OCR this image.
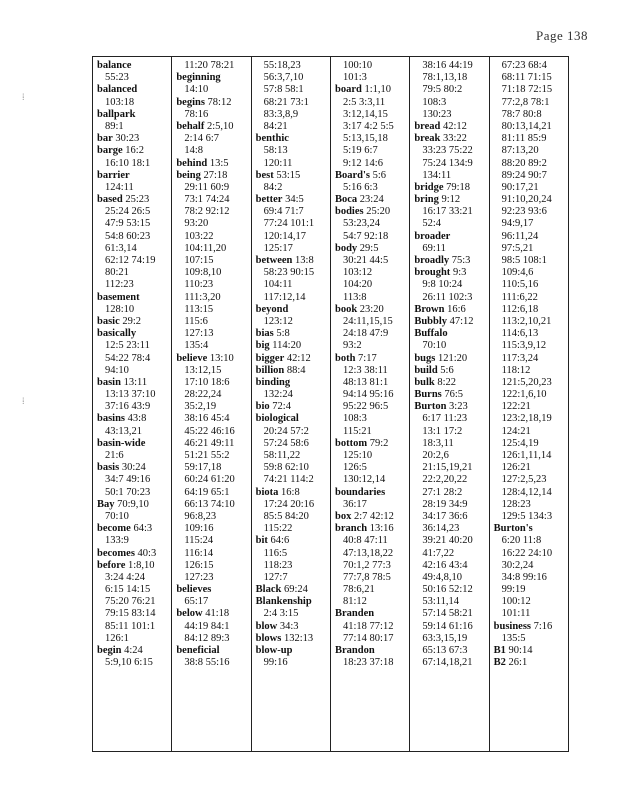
Page 138
⁞
⁞
balance
55:23
balanced
103:18
ballpark
89:1
bar 30:23
barge 16:2
16:10 18:1
barrier
124:11
based 25:23
25:24 26:5
47:9 53:15
54:8 60:23
61:3,14
62:12 74:19
80:21
112:23
basement
128:10
basic 29:2
basically
12:5 23:11
54:22 78:4
94:10
basin 13:11
13:13 37:10
37:16 43:9
basins 43:8
43:13,21
basin-wide
21:6
basis 30:24
34:7 49:16
50:1 70:23
Bay 70:9,10
70:10
become 64:3
133:9
becomes 40:3
before 1:8,10
3:24 4:24
6:15 14:15
75:20 76:21
79:15 83:14
85:11 101:1
126:1
begin 4:24
5:9,10 6:15
11:20 78:21
beginning
14:10
begins 78:12
78:16
behalf 2:5,10
2:14 6:7
14:8
behind 13:5
being 27:18
29:11 60:9
73:1 74:24
78:2 92:12
93:20
103:22
104:11,20
107:15
109:8,10
110:23
111:3,20
113:15
115:6
127:13
135:4
believe 13:10
13:12,15
17:10 18:6
28:22,24
35:2,19
38:16 45:4
45:22 46:16
46:21 49:11
51:21 55:2
59:17,18
60:24 61:20
64:19 65:1
66:13 74:10
96:8,23
109:16
115:24
116:14
126:15
127:23
believes
65:17
below 41:18
44:19 84:1
84:12 89:3
beneficial
38:8 55:16
55:18,23
56:3,7,10
57:8 58:1
68:21 73:1
83:3,8,9
84:21
benthic
58:13
120:11
best 53:15
84:2
better 34:5
69:4 71:7
77:24 101:1
120:14,17
125:17
between 13:8
58:23 90:15
104:11
117:12,14
beyond
123:12
bias 5:8
big 114:20
bigger 42:12
billion 88:4
binding
132:24
bio 72:4
biological
20:24 57:2
57:24 58:6
58:11,22
59:8 62:10
74:21 114:2
biota 16:8
17:24 20:16
85:5 84:20
115:22
bit 64:6
116:5
118:23
127:7
Black 69:24
Blankenship
2:4 3:15
blow 34:3
blows 132:13
blow-up
99:16
100:10
101:3
board 1:1,10
2:5 3:3,11
3:12,14,15
3:17 4:2 5:5
5:13,15,18
5:19 6:7
9:12 14:6
Board's 5:6
5:16 6:3
Boca 23:24
bodies 25:20
53:23,24
54:7 92:18
body 29:5
30:21 44:5
103:12
104:20
113:8
book 23:20
24:11,15,15
24:18 47:9
93:2
both 7:17
12:3 38:11
48:13 81:1
94:14 95:16
95:22 96:5
108:3
115:21
bottom 79:2
125:10
126:5
130:12,14
boundaries
36:17
box 2:7 42:12
branch 13:16
40:8 47:11
47:13,18,22
70:1,2 77:3
77:7,8 78:5
78:6,21
81:12
Branden
41:18 77:12
77:14 80:17
Brandon
18:23 37:18
38:16 44:19
78:1,13,18
79:5 80:2
108:3
130:23
bread 42:12
break 33:22
33:23 75:22
75:24 134:9
134:11
bridge 79:18
bring 9:12
16:17 33:21
52:4
broader
69:11
broadly 75:3
brought 9:3
9:8 10:24
26:11 102:3
Brown 16:6
Bubbly 47:12
Buffalo
70:10
bugs 121:20
build 5:6
bulk 8:22
Burns 76:5
Burton 3:23
6:17 11:23
13:1 17:2
18:3,11
20:2,6
21:15,19,21
22:2,20,22
27:1 28:2
28:19 34:9
34:17 36:6
36:14,23
39:21 40:20
41:7,22
42:16 43:4
49:4,8,10
50:16 52:12
53:11,14
57:14 58:21
59:14 61:16
63:3,15,19
65:13 67:3
67:14,18,21
67:23 68:4
68:11 71:15
71:18 72:15
77:2,8 78:1
78:7 80:8
80:13,14,21
81:11 85:9
87:13,20
88:20 89:2
89:24 90:7
90:17,21
91:10,20,24
92:23 93:6
94:9,17
96:11,24
97:5,21
98:5 108:1
109:4,6
110:5,16
111:6,22
112:6,18
113:2,10,21
114:6,13
115:3,9,12
117:3,24
118:12
121:5,20,23
122:1,6,10
122:21
123:2,18,19
124:21
125:4,19
126:1,11,14
126:21
127:2,5,23
128:4,12,14
128:23
129:5 134:3
Burton's
6:20 11:8
16:22 24:10
30:2,24
34:8 99:16
99:19
100:12
101:11
business 7:16
135:5
B1 90:14
B2 26:1
